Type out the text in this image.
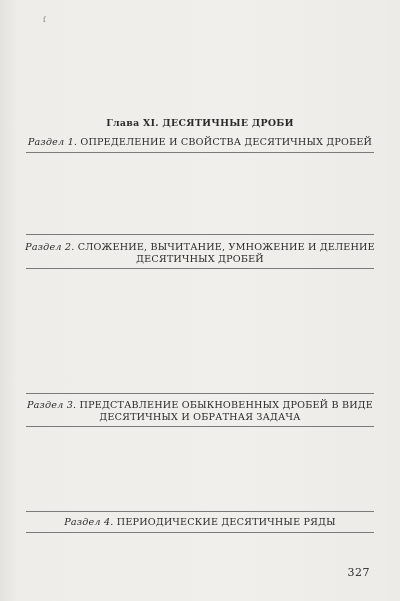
ſ
Глава XI. ДЕСЯТИЧНЫЕ ДРОБИ
Раздел 1. ОПРЕДЕЛЕНИЕ И СВОЙСТВА ДЕСЯТИЧНЫХ ДРОБЕЙ
Раздел 2. СЛОЖЕНИЕ, ВЫЧИТАНИЕ, УМНОЖЕНИЕ И ДЕЛЕНИЕ
ДЕСЯТИЧНЫХ ДРОБЕЙ
Раздел 3. ПРЕДСТАВЛЕНИЕ ОБЫКНОВЕННЫХ ДРОБЕЙ В ВИДЕ
ДЕСЯТИЧНЫХ И ОБРАТНАЯ ЗАДАЧА
Раздел 4. ПЕРИОДИЧЕСКИЕ ДЕСЯТИЧНЫЕ РЯДЫ
327
